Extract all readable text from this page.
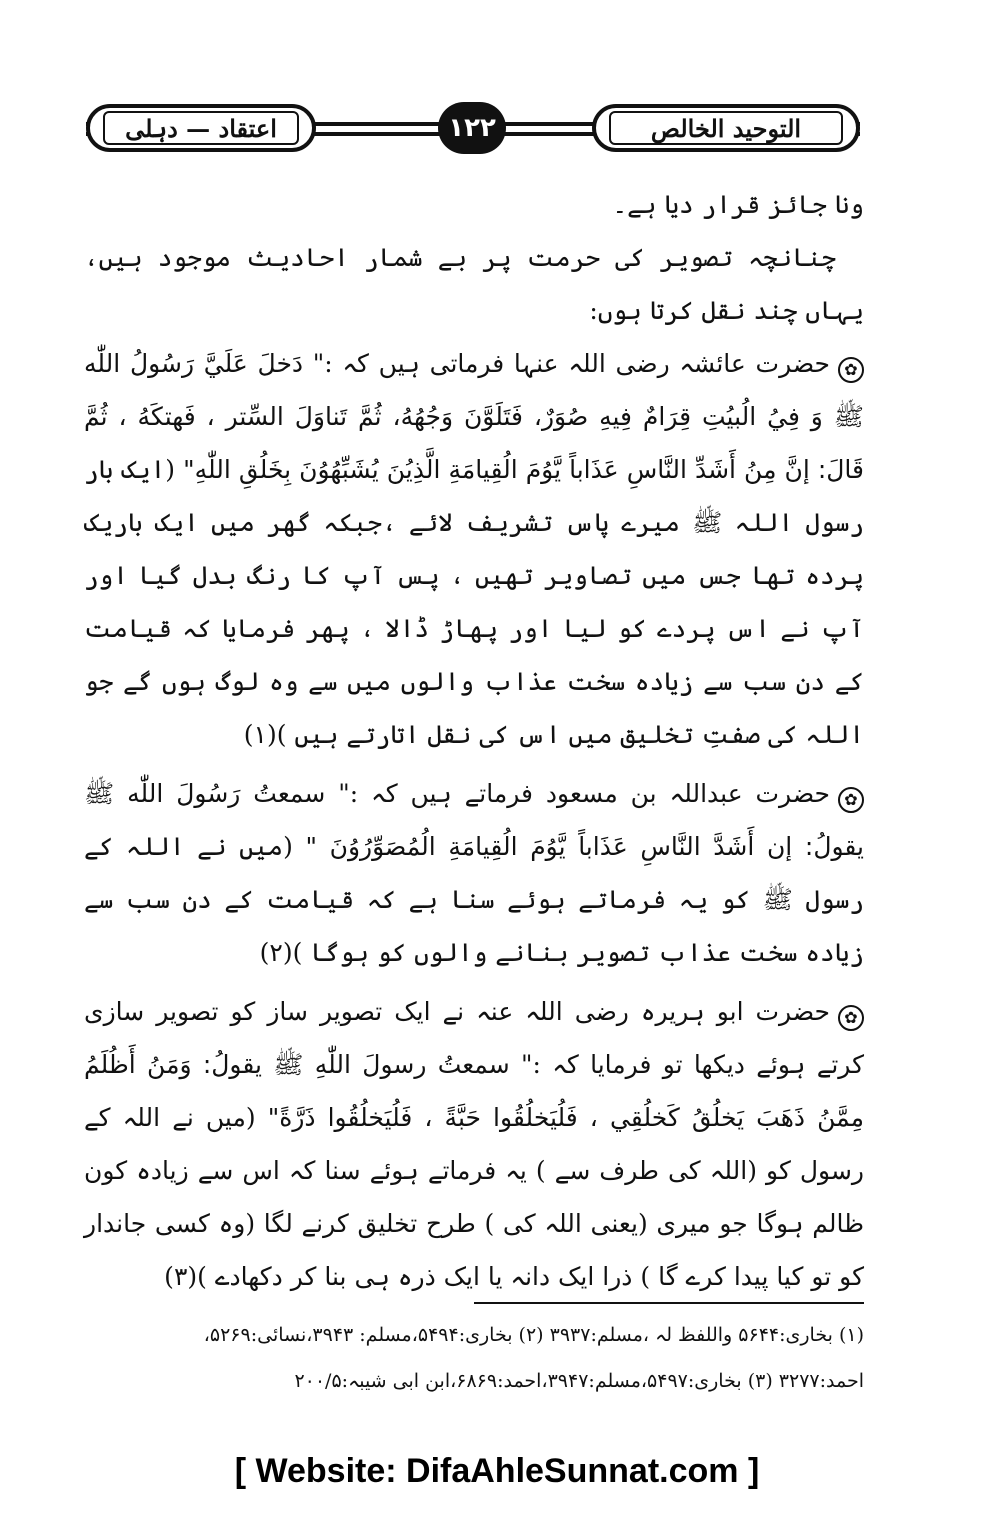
اعتقاد — دہلی	۱۲۲	التوحید الخالص

ونا جائز قرار دیا ہے۔

چنانچہ تصویر کی حرمت پر بے شمار احادیث موجود ہیں، یہاں چند نقل کرتا ہوں:

✿حضرت عائشہ رضی اللہ عنہا فرماتی ہیں کہ :" دَخلَ عَلَيَّ رَسُولُ اللّٰه ﷺ وَ فِيُ الُبيُتِ قِرَامٌ فِيهِ صُوَرٌ، فَتَلَوَّنَ وَجُهُهُ، ثُمَّ تَناوَلَ السِّتر ، فَهتكَهُ ، ثُمَّ قَالَ: إنَّ مِنُ أَشَدِّ النَّاسِ عَذَاباً يَّوُمَ الُقِيامَةِ الَّذِيُنَ يُشَبِّهُوُنَ بِخَلُقِ اللّٰهِ" (ایک بار رسول اللہ ﷺ میرے پاس تشریف لائے ،جبکہ گھر میں ایک باریک پردہ تھا جس میں تصاویر تھیں ، پس آپ کا رنگ بدل گیا اور آپ نے اس پردے کو لیا اور پھاڑ ڈالا ، پھر فرمایا کہ قیامت کے دن سب سے زیادہ سخت عذاب والوں میں سے وہ لوگ ہوں گے جو اللہ کی صفتِ تخلیق میں اس کی نقل اتارتے ہیں )(۱)

✿حضرت عبداللہ بن مسعود فرماتے ہیں کہ :" سمعتُ رَسُولَ اللّٰه ﷺ يقولُ: إن أَشَدَّ النَّاسِ عَذَاباً يَّوُمَ الُقِيامَةِ الُمُصَوِّرُوُنَ " (میں نے اللہ کے رسول ﷺ کو یہ فرماتے ہوئے سنا ہے کہ قیامت کے دن سب سے زیادہ سخت عذاب تصویر بنانے والوں کو ہوگا )(۲)

✿حضرت ابو ہریرہ رضی اللہ عنہ نے ایک تصویر ساز کو تصویر سازی کرتے ہوئے دیکھا تو فرمایا کہ :" سمعتُ رسولَ اللّٰهِ ﷺ يقولُ: وَمَنُ أَظُلَمُ مِمَّنُ ذَهَبَ يَخلُقُ كَخلُقِي ، فَلُيَخلُقُوا حَبَّةً ، فَلُيَخلُقُوا ذَرَّةً" (میں نے اللہ کے رسول کو (اللہ کی طرف سے ) یہ فرماتے ہوئے سنا کہ اس سے زیادہ کون ظالم ہوگا جو میری (یعنی اللہ کی ) طرح تخلیق کرنے لگا (وہ کسی جاندار کو تو کیا پیدا کرے گا ) ذرا ایک دانہ یا ایک ذرہ ہی بنا کر دکھادے )(۳)

(۱) بخاری:۵۶۴۴ واللفظ لہ ،مسلم:۳۹۳۷ (۲) بخاری:۵۴۹۴،مسلم: ۳۹۴۳،نسائی:۵۲۶۹،

احمد:۳۲۷۷ (۳) بخاری:۵۴۹۷،مسلم:۳۹۴۷،احمد:۶۸۶۹،ابن ابی شیبہ:۲۰۰/۵

[ Website: DifaAhleSunnat.com ]
